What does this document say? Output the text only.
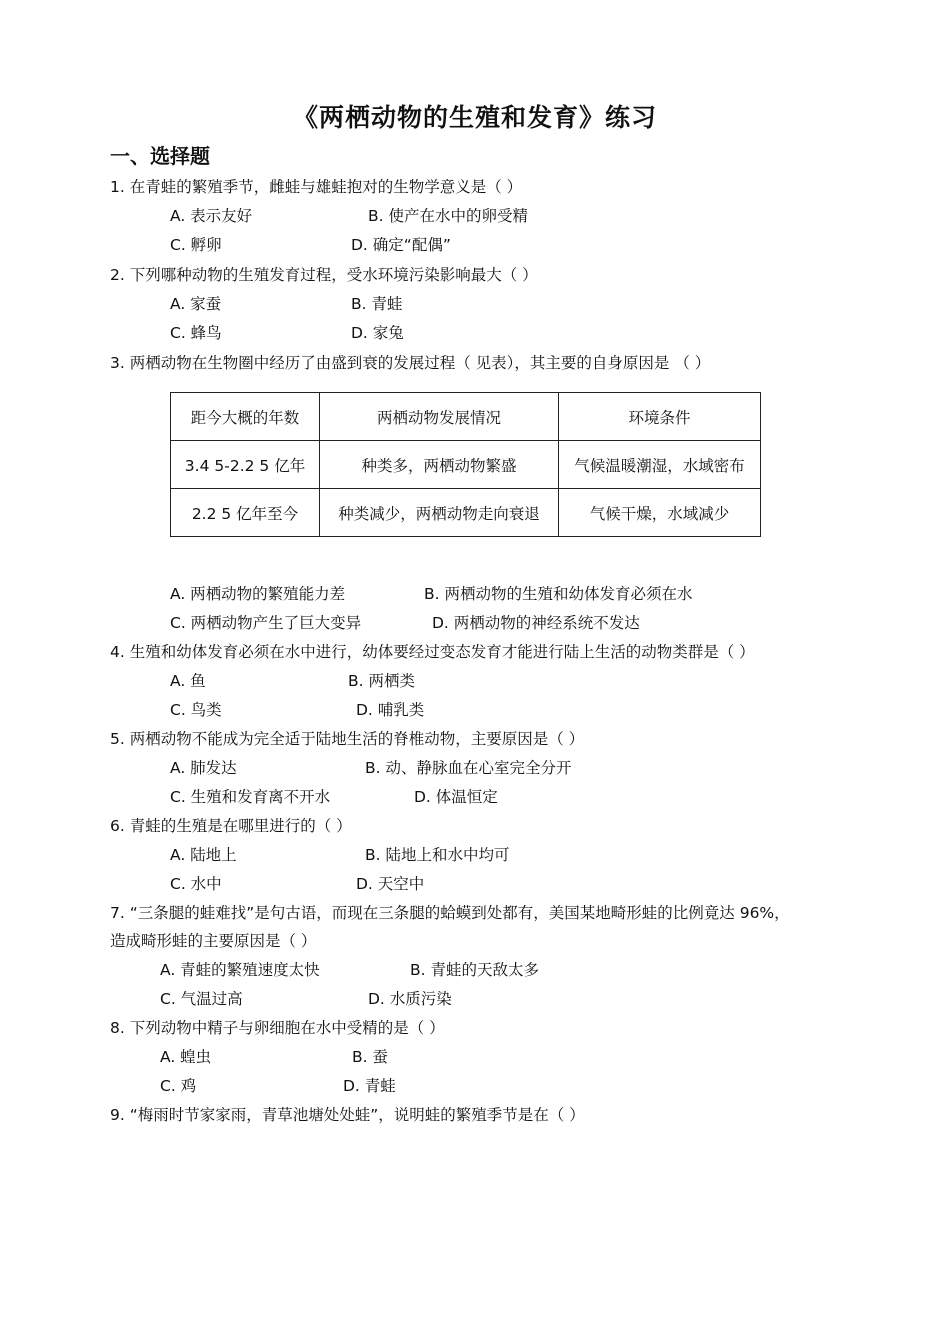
《两栖动物的生殖和发育》练习
一、选择题
1. 在青蛙的繁殖季节，雌蛙与雄蛙抱对的生物学意义是（ ）
A. 表示友好	B. 使产在水中的卵受精
C. 孵卵	D. 确定“配偶”
2. 下列哪种动物的生殖发育过程，受水环境污染影响最大（ ）
A. 家蚕	B. 青蛙
C. 蜂鸟	D. 家兔
3. 两栖动物在生物圈中经历了由盛到衰的发展过程（ 见表），其主要的自身原因是 （ ）
距今大概的年数	两栖动物发展情况	环境条件
3.4 5-2.2 5 亿年	种类多，两栖动物繁盛	气候温暖潮湿，水域密布
2.2 5 亿年至今	种类减少，两栖动物走向衰退	气候干燥，水域减少
A. 两栖动物的繁殖能力差	B. 两栖动物的生殖和幼体发育必须在水
C. 两栖动物产生了巨大变异	D. 两栖动物的神经系统不发达
4. 生殖和幼体发育必须在水中进行，幼体要经过变态发育才能进行陆上生活的动物类群是（ ）
A. 鱼	B. 两栖类
C. 鸟类	D. 哺乳类
5. 两栖动物不能成为完全适于陆地生活的脊椎动物，主要原因是（ ）
A. 肺发达	B. 动、静脉血在心室完全分开
C. 生殖和发育离不开水	D. 体温恒定
6. 青蛙的生殖是在哪里进行的（ ）
A. 陆地上	B. 陆地上和水中均可
C. 水中	D. 天空中
7. “三条腿的蛙难找”是句古语，而现在三条腿的蛤蟆到处都有，美国某地畸形蛙的比例竟达 96%，
造成畸形蛙的主要原因是（ ）
A. 青蛙的繁殖速度太快	B. 青蛙的天敌太多
C. 气温过高	D. 水质污染
8. 下列动物中精子与卵细胞在水中受精的是（ ）
A. 蝗虫	B. 蚕
C. 鸡	D. 青蛙
9. “梅雨时节家家雨，青草池塘处处蛙”，说明蛙的繁殖季节是在（ ）
